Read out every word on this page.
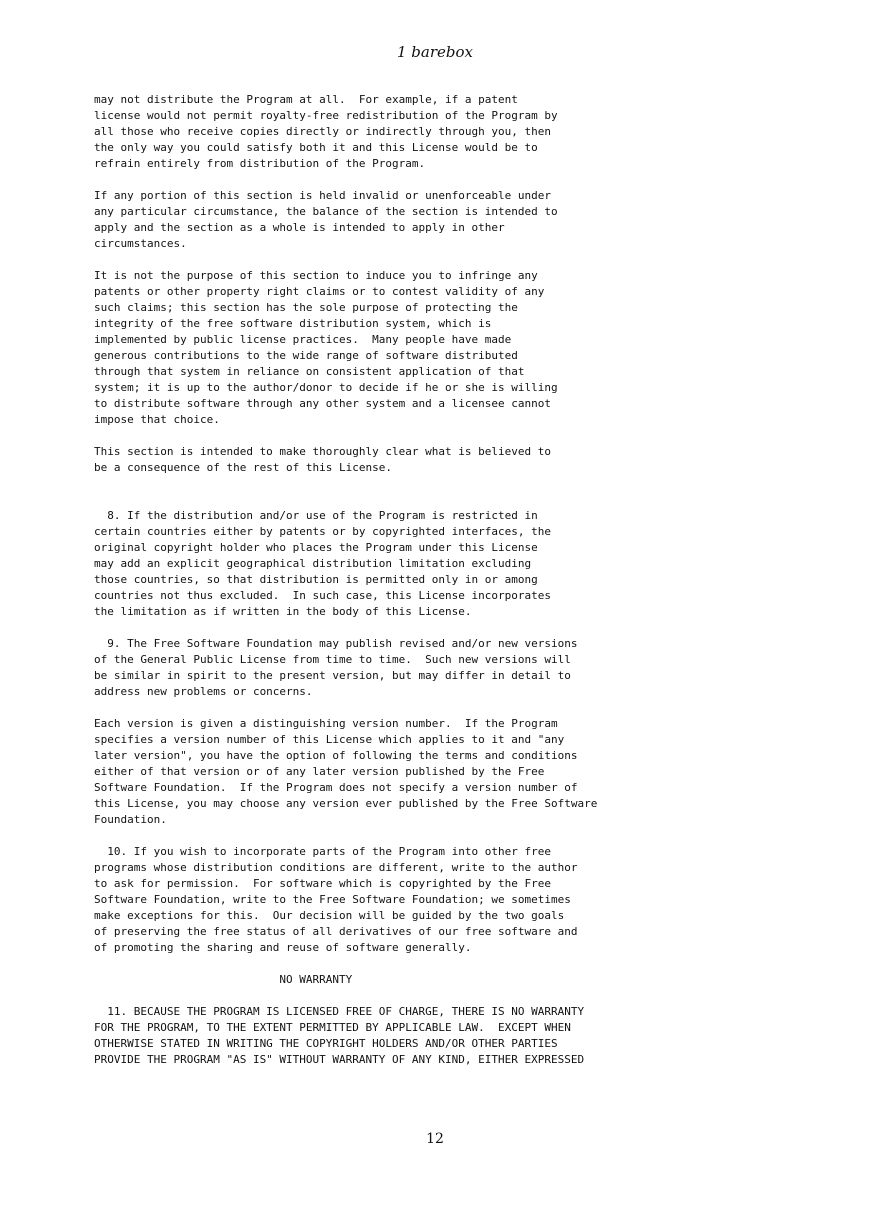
1 barebox
may not distribute the Program at all.  For example, if a patent
license would not permit royalty-free redistribution of the Program by
all those who receive copies directly or indirectly through you, then
the only way you could satisfy both it and this License would be to
refrain entirely from distribution of the Program.
If any portion of this section is held invalid or unenforceable under
any particular circumstance, the balance of the section is intended to
apply and the section as a whole is intended to apply in other
circumstances.
It is not the purpose of this section to induce you to infringe any
patents or other property right claims or to contest validity of any
such claims; this section has the sole purpose of protecting the
integrity of the free software distribution system, which is
implemented by public license practices.  Many people have made
generous contributions to the wide range of software distributed
through that system in reliance on consistent application of that
system; it is up to the author/donor to decide if he or she is willing
to distribute software through any other system and a licensee cannot
impose that choice.
This section is intended to make thoroughly clear what is believed to
be a consequence of the rest of this License.
8. If the distribution and/or use of the Program is restricted in
certain countries either by patents or by copyrighted interfaces, the
original copyright holder who places the Program under this License
may add an explicit geographical distribution limitation excluding
those countries, so that distribution is permitted only in or among
countries not thus excluded.  In such case, this License incorporates
the limitation as if written in the body of this License.
9. The Free Software Foundation may publish revised and/or new versions
of the General Public License from time to time.  Such new versions will
be similar in spirit to the present version, but may differ in detail to
address new problems or concerns.
Each version is given a distinguishing version number.  If the Program
specifies a version number of this License which applies to it and "any
later version", you have the option of following the terms and conditions
either of that version or of any later version published by the Free
Software Foundation.  If the Program does not specify a version number of
this License, you may choose any version ever published by the Free Software
Foundation.
10. If you wish to incorporate parts of the Program into other free
programs whose distribution conditions are different, write to the author
to ask for permission.  For software which is copyrighted by the Free
Software Foundation, write to the Free Software Foundation; we sometimes
make exceptions for this.  Our decision will be guided by the two goals
of preserving the free status of all derivatives of our free software and
of promoting the sharing and reuse of software generally.
NO WARRANTY
11. BECAUSE THE PROGRAM IS LICENSED FREE OF CHARGE, THERE IS NO WARRANTY
FOR THE PROGRAM, TO THE EXTENT PERMITTED BY APPLICABLE LAW.  EXCEPT WHEN
OTHERWISE STATED IN WRITING THE COPYRIGHT HOLDERS AND/OR OTHER PARTIES
PROVIDE THE PROGRAM "AS IS" WITHOUT WARRANTY OF ANY KIND, EITHER EXPRESSED
12
